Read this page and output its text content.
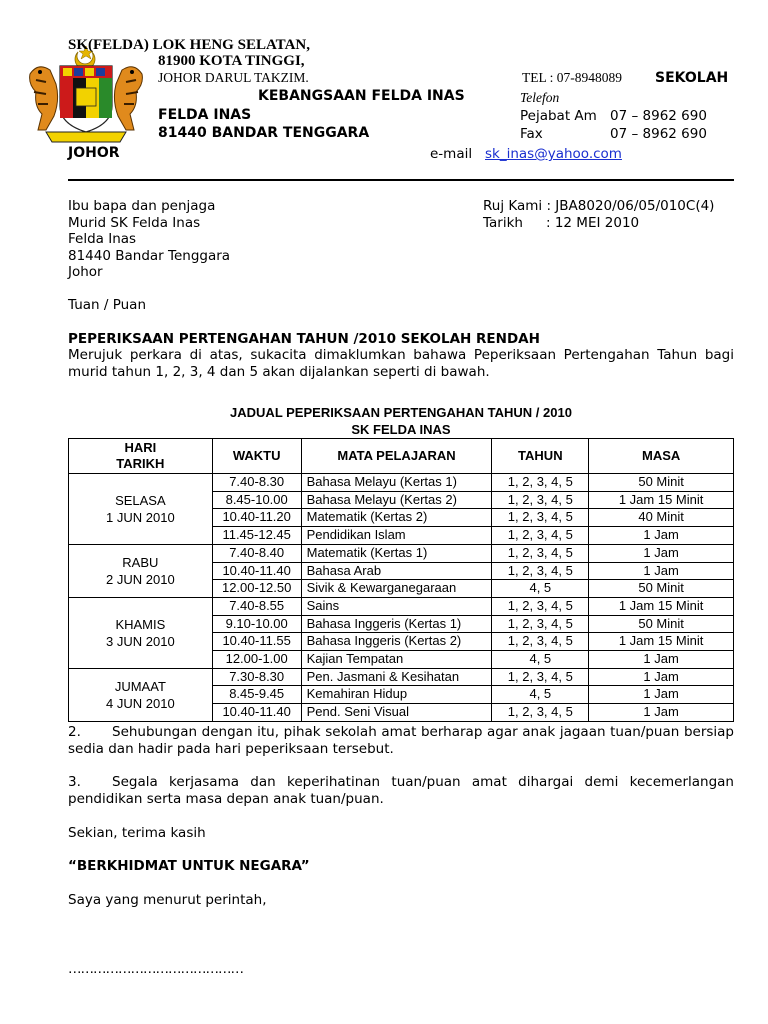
SK(FELDA) LOK HENG SELATAN,
81900 KOTA TINGGI,
JOHOR DARUL TAKZIM.	TEL : 07-8948089 SEKOLAH
KEBANGSAAN FELDA INAS	Telefon
FELDA INAS	Pejabat Am 07 – 8962 690
81440 BANDAR TENGGARA	Fax	07 – 8962 690
JOHOR	e-mail sk_inas@yahoo.com
Ibu bapa dan penjaga
Murid SK Felda Inas
Felda Inas
81440 Bandar Tenggara
Johor
Ruj Kami : JBA8020/06/05/010C(4)
Tarikh : 12 MEI 2010
Tuan / Puan
PEPERIKSAAN PERTENGAHAN TAHUN /2010 SEKOLAH RENDAH
Merujuk perkara di atas, sukacita dimaklumkan bahawa Peperiksaan Pertengahan Tahun bagi murid tahun 1, 2, 3, 4 dan 5 akan dijalankan seperti di bawah.
JADUAL PEPERIKSAAN PERTENGAHAN TAHUN / 2010
SK FELDA INAS
HARI
TARIKH	WAKTU	MATA PELAJARAN	TAHUN	MASA

SELASA
1 JUN 2010	7.40-8.30	Bahasa Melayu (Kertas 1)	1, 2, 3, 4, 5	50 Minit
	8.45-10.00	Bahasa Melayu (Kertas 2)	1, 2, 3, 4, 5	1 Jam 15 Minit
	10.40-11.20	Matematik (Kertas 2)	1, 2, 3, 4, 5	40 Minit
	11.45-12.45	Pendidikan Islam	1, 2, 3, 4, 5	1 Jam

RABU
2 JUN 2010	7.40-8.40	Matematik (Kertas 1)	1, 2, 3, 4, 5	1 Jam
	10.40-11.40	Bahasa Arab	1, 2, 3, 4, 5	1 Jam
	12.00-12.50	Sivik & Kewarganegaraan	4, 5	50 Minit

KHAMIS
3 JUN 2010	7.40-8.55	Sains	1, 2, 3, 4, 5	1 Jam 15 Minit
	9.10-10.00	Bahasa Inggeris (Kertas 1)	1, 2, 3, 4, 5	50 Minit
	10.40-11.55	Bahasa Inggeris (Kertas 2)	1, 2, 3, 4, 5	1 Jam 15 Minit
	12.00-1.00	Kajian Tempatan	4, 5	1 Jam

JUMAAT
4 JUN 2010	7.30-8.30	Pen. Jasmani & Kesihatan	1, 2, 3, 4, 5	1 Jam
	8.45-9.45	Kemahiran Hidup	4, 5	1 Jam
	10.40-11.40	Pend. Seni Visual	1, 2, 3, 4, 5	1 Jam
2.	Sehubungan dengan itu, pihak sekolah amat berharap agar anak jagaan tuan/puan bersiap sedia dan hadir pada hari peperiksaan tersebut.
3.	Segala kerjasama dan keperihatinan tuan/puan amat dihargai demi kecemerlangan pendidikan serta masa depan anak tuan/puan.
Sekian, terima kasih
“BERKHIDMAT UNTUK NEGARA”
Saya yang menurut perintah,
……………………………………
